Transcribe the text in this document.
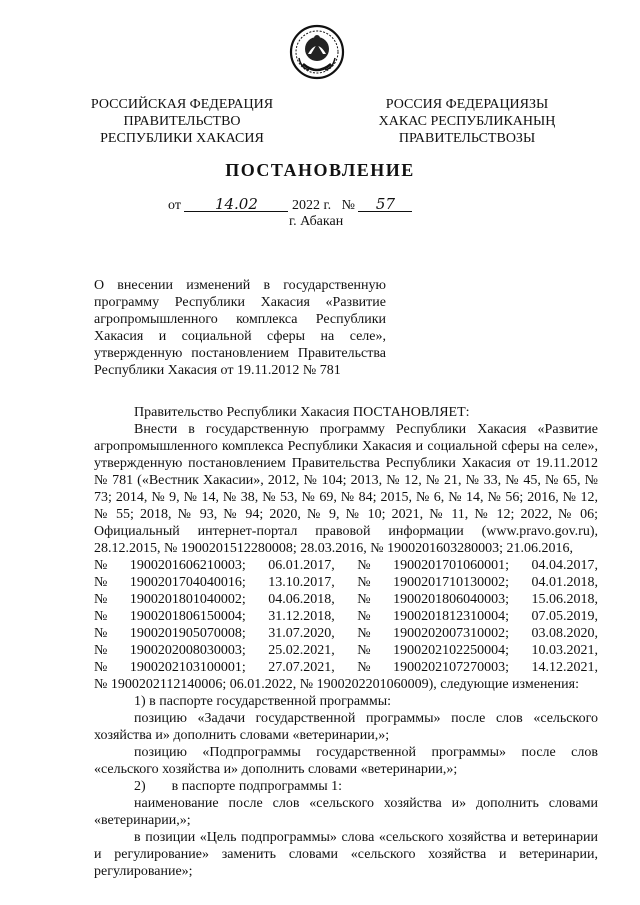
РОССИЙСКАЯ ФЕДЕРАЦИЯ
ПРАВИТЕЛЬСТВО
РЕСПУБЛИКИ ХАКАСИЯ
РОССИЯ ФЕДЕРАЦИЯЗЫ
ХАКАС РЕСПУБЛИКАНЫҢ
ПРАВИТЕЛЬСТВОЗЫ
ПОСТАНОВЛЕНИЕ
от 14.02 2022 г. № 57
г. Абакан
О внесении изменений в государственную программу Республики Хакасия «Развитие агропромышленного комплекса Республики Хакасия и социальной сферы на селе», утвержденную постановлением Правительства Республики Хакасия от 19.11.2012 № 781

Правительство Республики Хакасия ПОСТАНОВЛЯЕТ:

Внести в государственную программу Республики Хакасия «Развитие агропромышленного комплекса Республики Хакасия и социальной сферы на селе», утвержденную постановлением Правительства Республики Хакасия от 19.11.2012 № 781 («Вестник Хакасии», 2012, № 104; 2013, № 12, № 21, № 33, № 45, № 65, № 73; 2014, № 9, № 14, № 38, № 53, № 69, № 84; 2015, № 6, № 14, № 56; 2016, № 12, № 55; 2018, № 93, № 94; 2020, № 9, № 10; 2021, № 11, № 12; 2022, № 06; Официальный интернет-портал правовой информации (www.pravo.gov.ru), 28.12.2015, № 1900201512280008; 28.03.2016, № 1900201603280003; 21.06.2016,

№ 1900201606210003; 06.01.2017, № 1900201701060001; 04.04.2017,
№ 1900201704040016; 13.10.2017, № 1900201710130002; 04.01.2018,
№ 1900201801040002; 04.06.2018, № 1900201806040003; 15.06.2018,
№ 1900201806150004; 31.12.2018, № 1900201812310004; 07.05.2019,
№ 1900201905070008; 31.07.2020, № 1900202007310002; 03.08.2020,
№ 1900202008030003; 25.02.2021, № 1900202102250004; 10.03.2021,
№ 1900202103100001; 27.07.2021, № 1900202107270003; 14.12.2021,

№ 1900202112140006; 06.01.2022, № 1900202201060009), следующие изменения:

1) в паспорте государственной программы:

позицию «Задачи государственной программы» после слов «сельского хозяйства и» дополнить словами «ветеринарии,»;

позицию «Подпрограммы государственной программы» после слов «сельского хозяйства и» дополнить словами «ветеринарии,»;

2) в паспорте подпрограммы 1:

наименование после слов «сельского хозяйства и» дополнить словами «ветеринарии,»;

в позиции «Цель подпрограммы» слова «сельского хозяйства и ветеринарии и регулирование» заменить словами «сельского хозяйства и ветеринарии, регулирование»;
